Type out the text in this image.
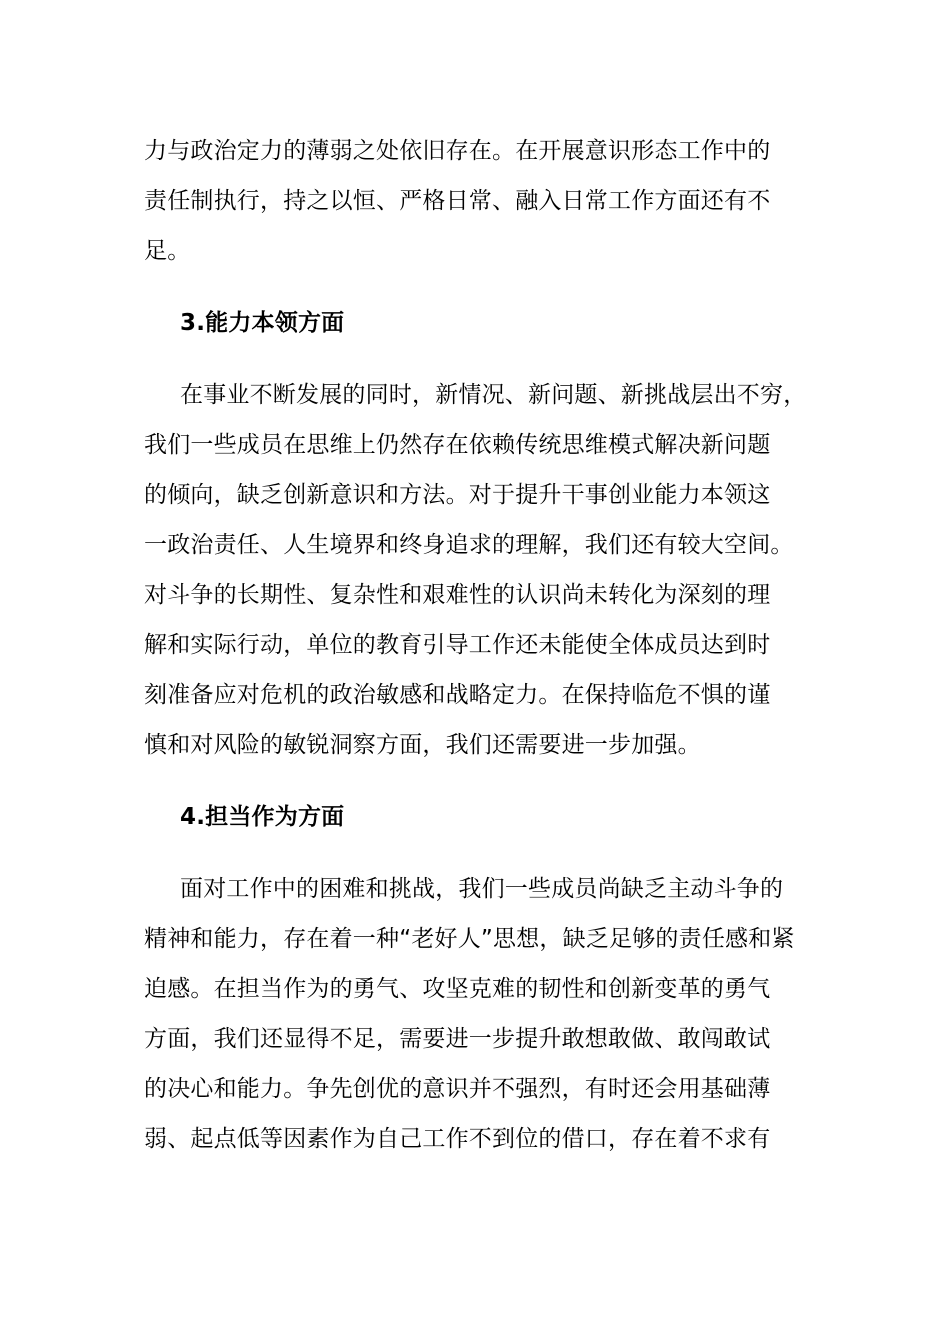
力与政治定力的薄弱之处依旧存在。在开展意识形态工作中的
责任制执行，持之以恒、严格日常、融入日常工作方面还有不
足。
3.能力本领方面
在事业不断发展的同时，新情况、新问题、新挑战层出不穷，
我们一些成员在思维上仍然存在依赖传统思维模式解决新问题
的倾向，缺乏创新意识和方法。对于提升干事创业能力本领这
一政治责任、人生境界和终身追求的理解，我们还有较大空间。
对斗争的长期性、复杂性和艰难性的认识尚未转化为深刻的理
解和实际行动，单位的教育引导工作还未能使全体成员达到时
刻准备应对危机的政治敏感和战略定力。在保持临危不惧的谨
慎和对风险的敏锐洞察方面，我们还需要进一步加强。
4.担当作为方面
面对工作中的困难和挑战，我们一些成员尚缺乏主动斗争的
精神和能力，存在着一种“老好人”思想，缺乏足够的责任感和紧
迫感。在担当作为的勇气、攻坚克难的韧性和创新变革的勇气
方面，我们还显得不足，需要进一步提升敢想敢做、敢闯敢试
的决心和能力。争先创优的意识并不强烈，有时还会用基础薄
弱、起点低等因素作为自己工作不到位的借口，存在着不求有
